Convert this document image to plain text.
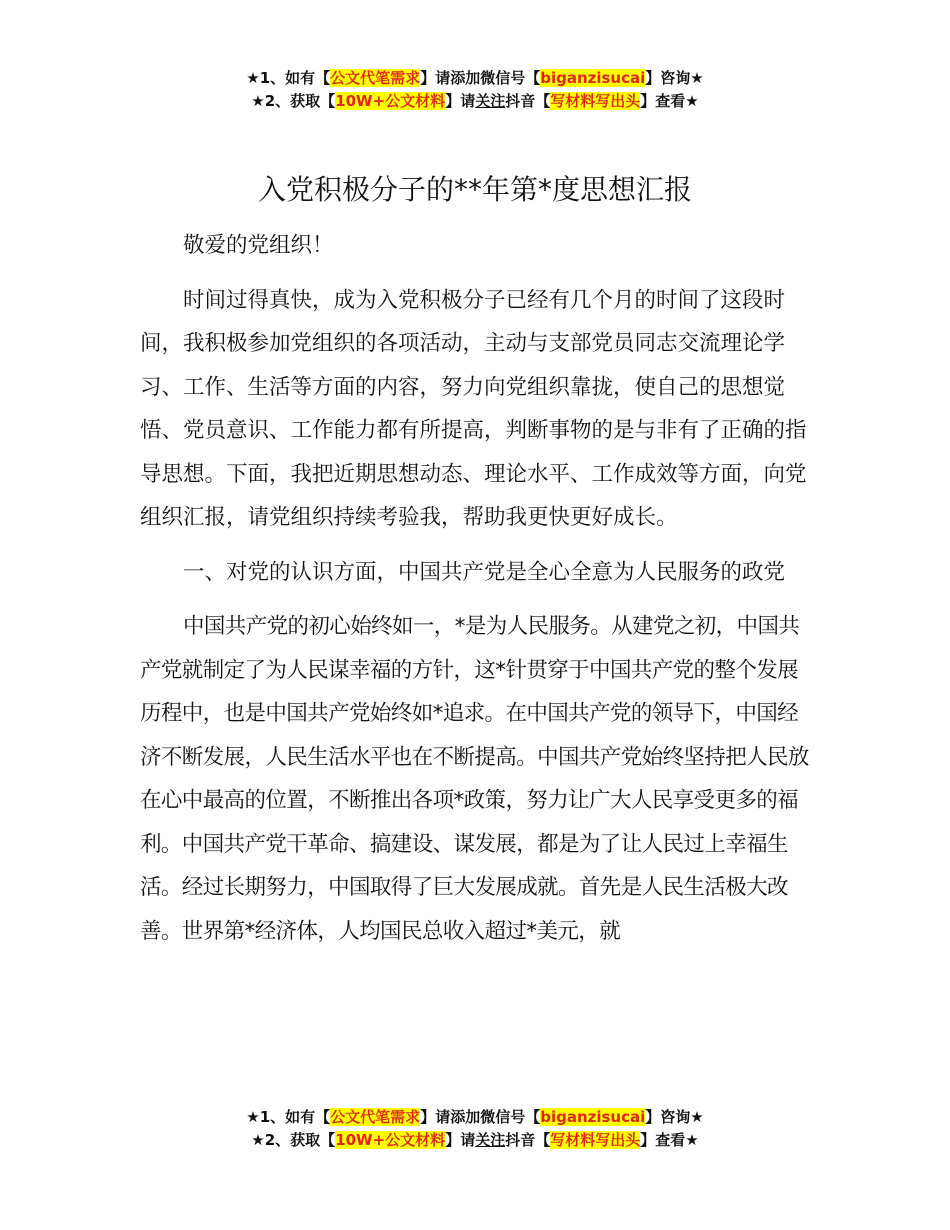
★1、如有【公文代笔需求】请添加微信号【biganzisucai】咨询★
★2、获取【10W+公文材料】请关注抖音【写材料写出头】查看★
入党积极分子的**年第*度思想汇报

敬爱的党组织！

时间过得真快，成为入党积极分子已经有几个月的时间了这段时间，我积极参加党组织的各项活动，主动与支部党员同志交流理论学习、工作、生活等方面的内容，努力向党组织靠拢，使自己的思想觉悟、党员意识、工作能力都有所提高，判断事物的是与非有了正确的指导思想。下面，我把近期思想动态、理论水平、工作成效等方面，向党组织汇报，请党组织持续考验我，帮助我更快更好成长。

一、对党的认识方面，中国共产党是全心全意为人民服务的政党

中国共产党的初心始终如一，*是为人民服务。从建党之初，中国共产党就制定了为人民谋幸福的方针，这*针贯穿于中国共产党的整个发展历程中，也是中国共产党始终如*追求。在中国共产党的领导下，中国经济不断发展，人民生活水平也在不断提高。中国共产党始终坚持把人民放在心中最高的位置，不断推出各项*政策，努力让广大人民享受更多的福利。中国共产党干革命、搞建设、谋发展，都是为了让人民过上幸福生活。经过长期努力，中国取得了巨大发展成就。首先是人民生活极大改善。世界第*经济体，人均国民总收入超过*美元，就

★1、如有【公文代笔需求】请添加微信号【biganzisucai】咨询★
★2、获取【10W+公文材料】请关注抖音【写材料写出头】查看★
